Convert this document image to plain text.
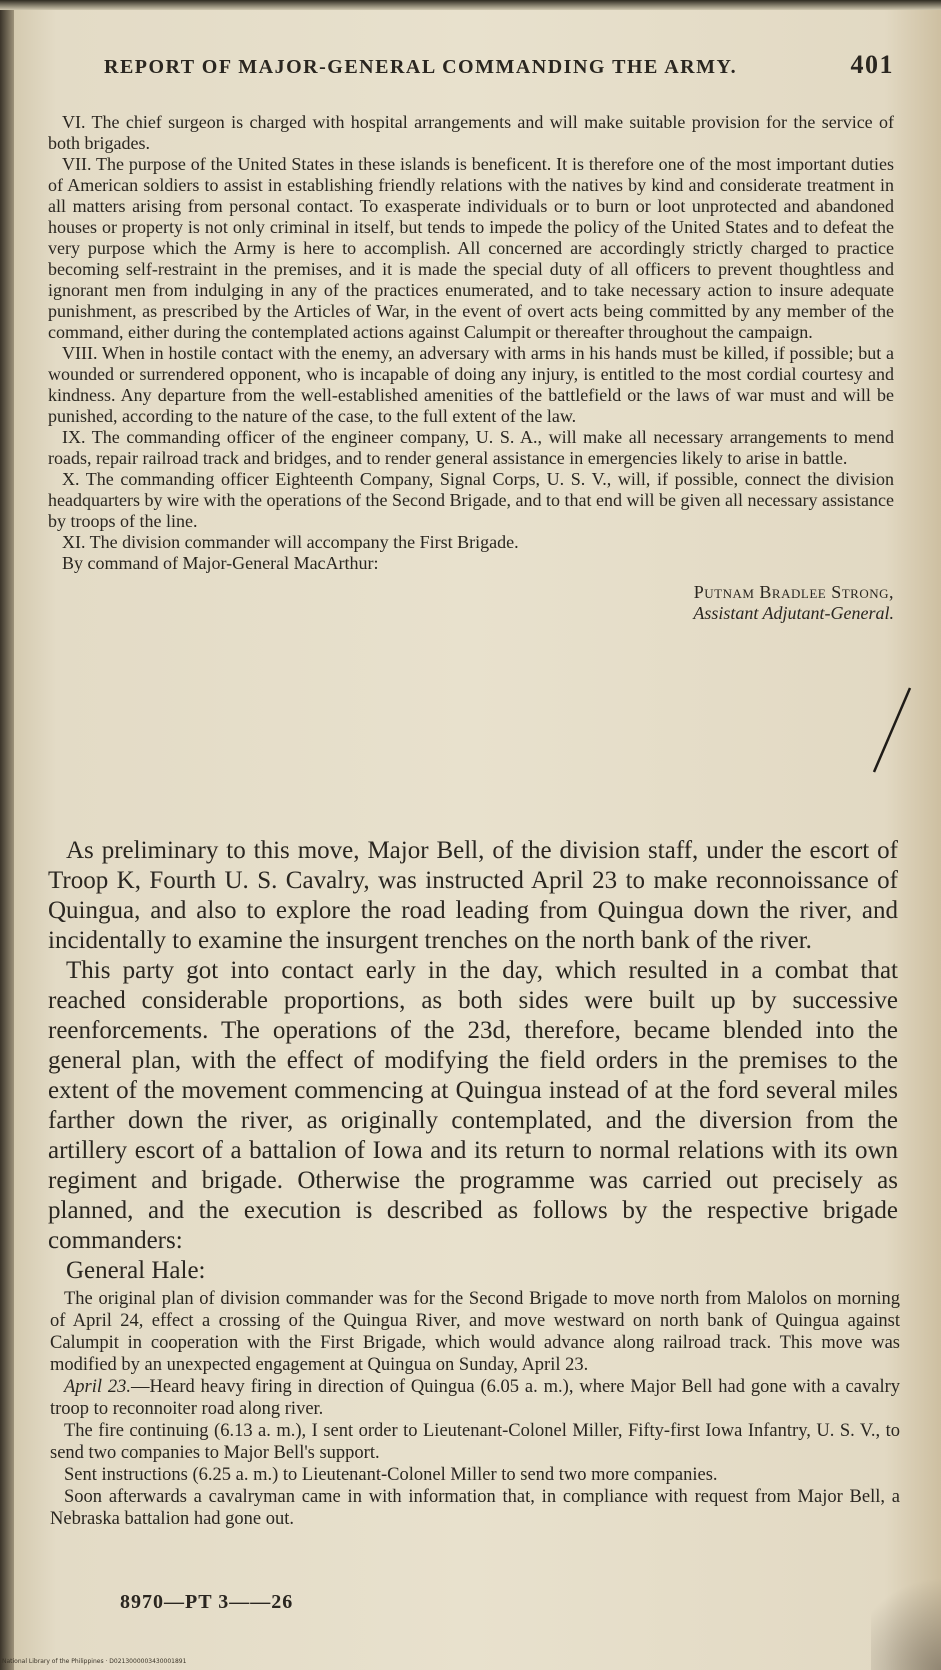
REPORT OF MAJOR-GENERAL COMMANDING THE ARMY.	401

VI. The chief surgeon is charged with hospital arrangements and will make suitable provision for the service of both brigades.

VII. The purpose of the United States in these islands is beneficent. It is therefore one of the most important duties of American soldiers to assist in establishing friendly relations with the natives by kind and considerate treatment in all matters arising from personal contact. To exasperate individuals or to burn or loot unprotected and abandoned houses or property is not only criminal in itself, but tends to impede the policy of the United States and to defeat the very purpose which the Army is here to accomplish. All concerned are accordingly strictly charged to practice becoming self-restraint in the premises, and it is made the special duty of all officers to prevent thoughtless and ignorant men from indulging in any of the practices enumerated, and to take necessary action to insure adequate punishment, as prescribed by the Articles of War, in the event of overt acts being committed by any member of the command, either during the contemplated actions against Calumpit or thereafter throughout the campaign.

VIII. When in hostile contact with the enemy, an adversary with arms in his hands must be killed, if possible; but a wounded or surrendered opponent, who is incapable of doing any injury, is entitled to the most cordial courtesy and kindness. Any departure from the well-established amenities of the battlefield or the laws of war must and will be punished, according to the nature of the case, to the full extent of the law.

IX. The commanding officer of the engineer company, U. S. A., will make all necessary arrangements to mend roads, repair railroad track and bridges, and to render general assistance in emergencies likely to arise in battle.

X. The commanding officer Eighteenth Company, Signal Corps, U. S. V., will, if possible, connect the division headquarters by wire with the operations of the Second Brigade, and to that end will be given all necessary assistance by troops of the line.

XI. The division commander will accompany the First Brigade.

By command of Major-General MacArthur:

Putnam Bradlee Strong,
Assistant Adjutant-General.

As preliminary to this move, Major Bell, of the division staff, under the escort of Troop K, Fourth U. S. Cavalry, was instructed April 23 to make reconnoissance of Quingua, and also to explore the road leading from Quingua down the river, and incidentally to examine the insurgent trenches on the north bank of the river.

This party got into contact early in the day, which resulted in a combat that reached considerable proportions, as both sides were built up by successive reenforcements. The operations of the 23d, therefore, became blended into the general plan, with the effect of modifying the field orders in the premises to the extent of the movement commencing at Quingua instead of at the ford several miles farther down the river, as originally contemplated, and the diversion from the artillery escort of a battalion of Iowa and its return to normal relations with its own regiment and brigade. Otherwise the programme was carried out precisely as planned, and the execution is described as follows by the respective brigade commanders:

General Hale:

The original plan of division commander was for the Second Brigade to move north from Malolos on morning of April 24, effect a crossing of the Quingua River, and move westward on north bank of Quingua against Calumpit in cooperation with the First Brigade, which would advance along railroad track. This move was modified by an unexpected engagement at Quingua on Sunday, April 23.

April 23.—Heard heavy firing in direction of Quingua (6.05 a. m.), where Major Bell had gone with a cavalry troop to reconnoiter road along river.

The fire continuing (6.13 a. m.), I sent order to Lieutenant-Colonel Miller, Fifty-first Iowa Infantry, U. S. V., to send two companies to Major Bell's support.

Sent instructions (6.25 a. m.) to Lieutenant-Colonel Miller to send two more companies.

Soon afterwards a cavalryman came in with information that, in compliance with request from Major Bell, a Nebraska battalion had gone out.

8970—PT 3——26
National Library of the Philippines · D0213000003430001891
